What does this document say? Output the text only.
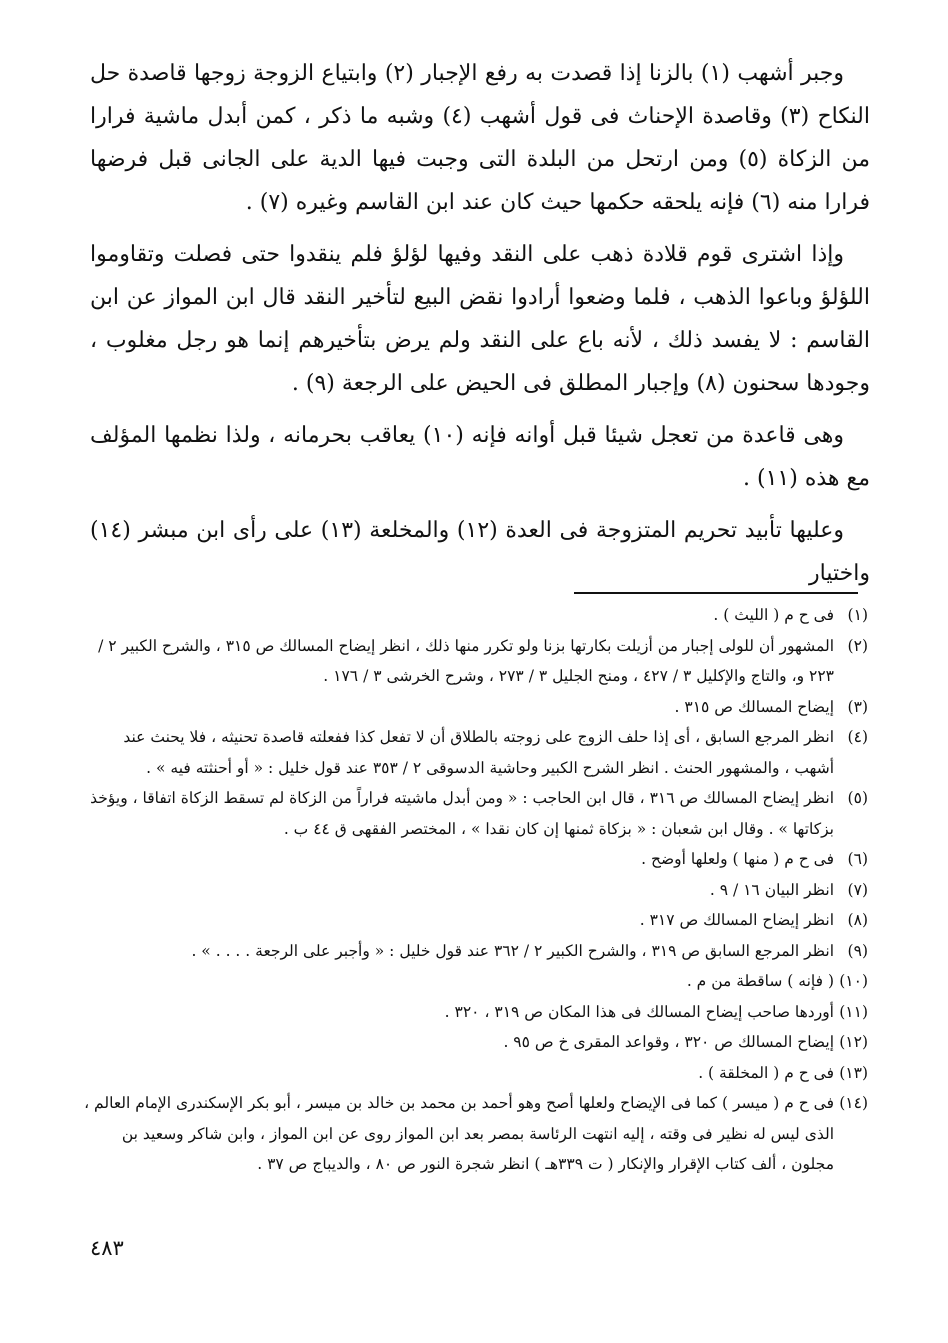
وجبر أشهب (١) بالزنا إذا قصدت به رفع الإجبار (٢) وابتياع الزوجة زوجها قاصدة حل النكاح (٣) وقاصدة الإحناث فى قول أشهب (٤) وشبه ما ذكر ، كمن أبدل ماشية فرارا من الزكاة (٥) ومن ارتحل من البلدة التى وجبت فيها الدية على الجانى قبل فرضها فرارا منه (٦) فإنه يلحقه حكمها حيث كان عند ابن القاسم وغيره (٧) .

وإذا اشترى قوم قلادة ذهب على النقد وفيها لؤلؤ فلم ينقدوا حتى فصلت وتقاوموا اللؤلؤ وباعوا الذهب ، فلما وضعوا أرادوا نقض البيع لتأخير النقد قال ابن المواز عن ابن القاسم : لا يفسد ذلك ، لأنه باع على النقد ولم يرض بتأخيرهم إنما هو رجل مغلوب ، وجودها سحنون (٨) وإجبار المطلق فى الحيض على الرجعة (٩) .

وهى قاعدة من تعجل شيئا قبل أوانه فإنه (١٠) يعاقب بحرمانه ، ولذا نظمها المؤلف مع هذه (١١) .

وعليها تأبيد تحريم المتزوجة فى العدة (١٢) والمخلعة (١٣) على رأى ابن مبشر (١٤) واختيار

(١)
فى ح م ( الليث ) .

(٢)
المشهور أن للولى إجبار من أزيلت بكارتها بزنا ولو تكرر منها ذلك ، انظر إيضاح المسالك ص ٣١٥ ، والشرح الكبير ٢ / ٢٢٣ و، والتاج والإكليل ٣ / ٤٢٧ ، ومنح الجليل ٣ / ٢٧٣ ، وشرح الخرشى ٣ / ١٧٦ .

(٣)
إيضاح المسالك ص ٣١٥ .

(٤)
انظر المرجع السابق ، أى إذا حلف الزوج على زوجته بالطلاق أن لا تفعل كذا ففعلته قاصدة تحنيثه ، فلا يحنث عند أشهب ، والمشهور الحنث . انظر الشرح الكبير وحاشية الدسوقى ٢ / ٣٥٣ عند قول خليل : « أو أحنثته فيه » .

(٥)
انظر إيضاح المسالك ص ٣١٦ ، قال ابن الحاجب : « ومن أبدل ماشيته فراراً من الزكاة لم تسقط الزكاة اتفاقا ، ويؤخذ بزكاتها » . وقال ابن شعبان : « بزكاة ثمنها إن كان نقدا » ، المختصر الفقهى ق ٤٤ ب .

(٦)
فى ح م ( منها ) ولعلها أوضح .

(٧)
انظر البيان ١٦ / ٩ .

(٨)
انظر إيضاح المسالك ص ٣١٧ .

(٩)
انظر المرجع السابق ص ٣١٩ ، والشرح الكبير ٢ / ٣٦٢ عند قول خليل : « وأجبر على الرجعة . . . . » .

(١٠)
( فإنه ) ساقطة من م .

(١١)
أوردها صاحب إيضاح المسالك فى هذا المكان ص ٣١٩ ، ٣٢٠ .

(١٢)
إيضاح المسالك ص ٣٢٠ ، وقواعد المقرى خ ص ٩٥ .

(١٣)
فى ح م ( المخلقة ) .

(١٤)
فى ح م ( ميسر ) كما فى الإيضاح ولعلها أصح وهو أحمد بن محمد بن خالد بن ميسر ، أبو بكر الإسكندرى الإمام العالم ، الذى ليس له نظير فى وقته ، إليه انتهت الرئاسة بمصر بعد ابن المواز روى عن ابن المواز ، وابن شاكر وسعيد بن مجلون ، ألف كتاب الإقرار والإنكار ( ت ٣٣٩هـ ) انظر شجرة النور ص ٨٠ ، والديباج ص ٣٧ .

٤٨٣
